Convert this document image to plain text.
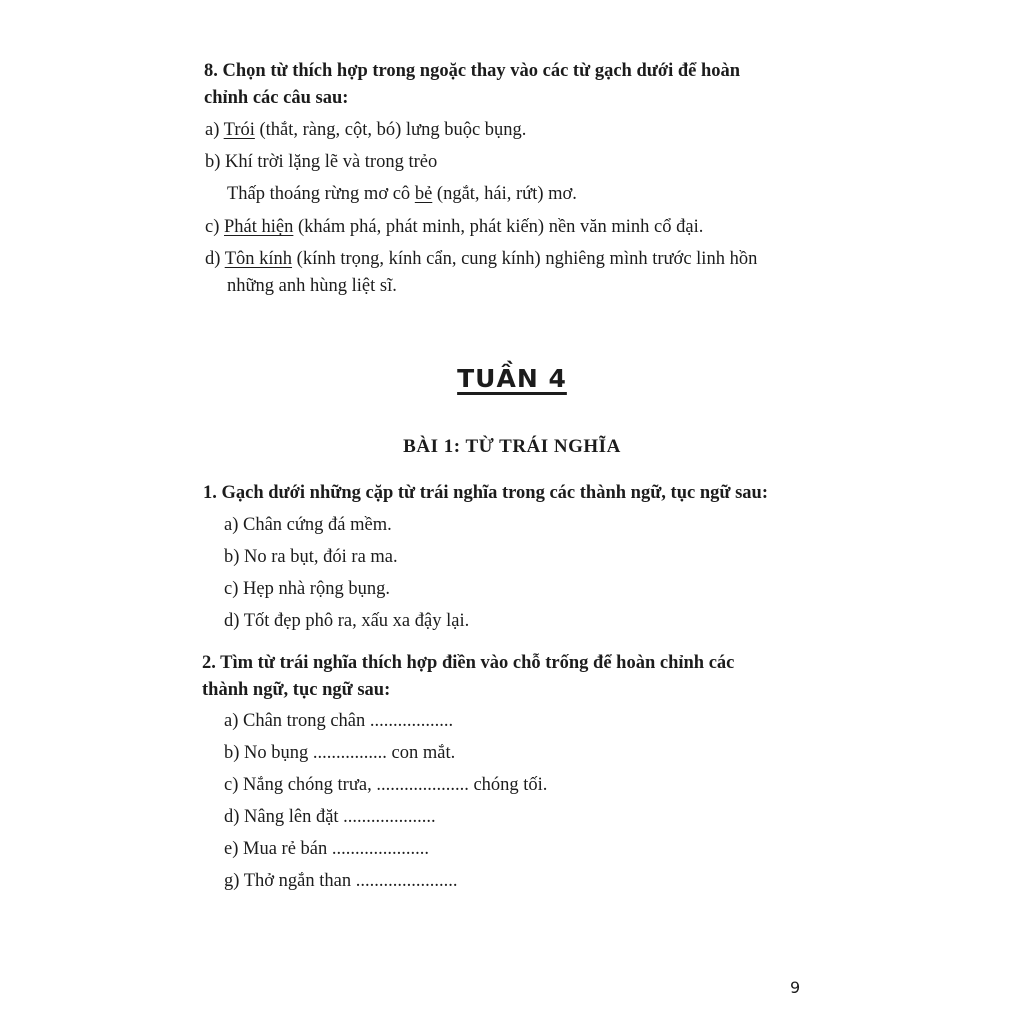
8. Chọn từ thích hợp trong ngoặc thay vào các từ gạch dưới để hoàn
chỉnh các câu sau:
a) Trói (thắt, ràng, cột, bó) lưng buộc bụng.
b) Khí trời lặng lẽ và trong trẻo
Thấp thoáng rừng mơ cô bẻ (ngắt, hái, rứt) mơ.
c) Phát hiện (khám phá, phát minh, phát kiến) nền văn minh cổ đại.
d) Tôn kính (kính trọng, kính cẩn, cung kính) nghiêng mình trước linh hồn
những anh hùng liệt sĩ.
TUẦN 4
BÀI 1: TỪ TRÁI NGHĨA
1. Gạch dưới những cặp từ trái nghĩa trong các thành ngữ, tục ngữ sau:
a) Chân cứng đá mềm.
b) No ra bụt, đói ra ma.
c) Hẹp nhà rộng bụng.
d) Tốt đẹp phô ra, xấu xa đậy lại.
2. Tìm từ trái nghĩa thích hợp điền vào chỗ trống để hoàn chỉnh các
thành ngữ, tục ngữ sau:
a) Chân trong chân ..................
b) No bụng ................ con mắt.
c) Nắng chóng trưa, .................... chóng tối.
d) Nâng lên đặt ....................
e) Mua rẻ bán .....................
g) Thở ngắn than ......................
9
